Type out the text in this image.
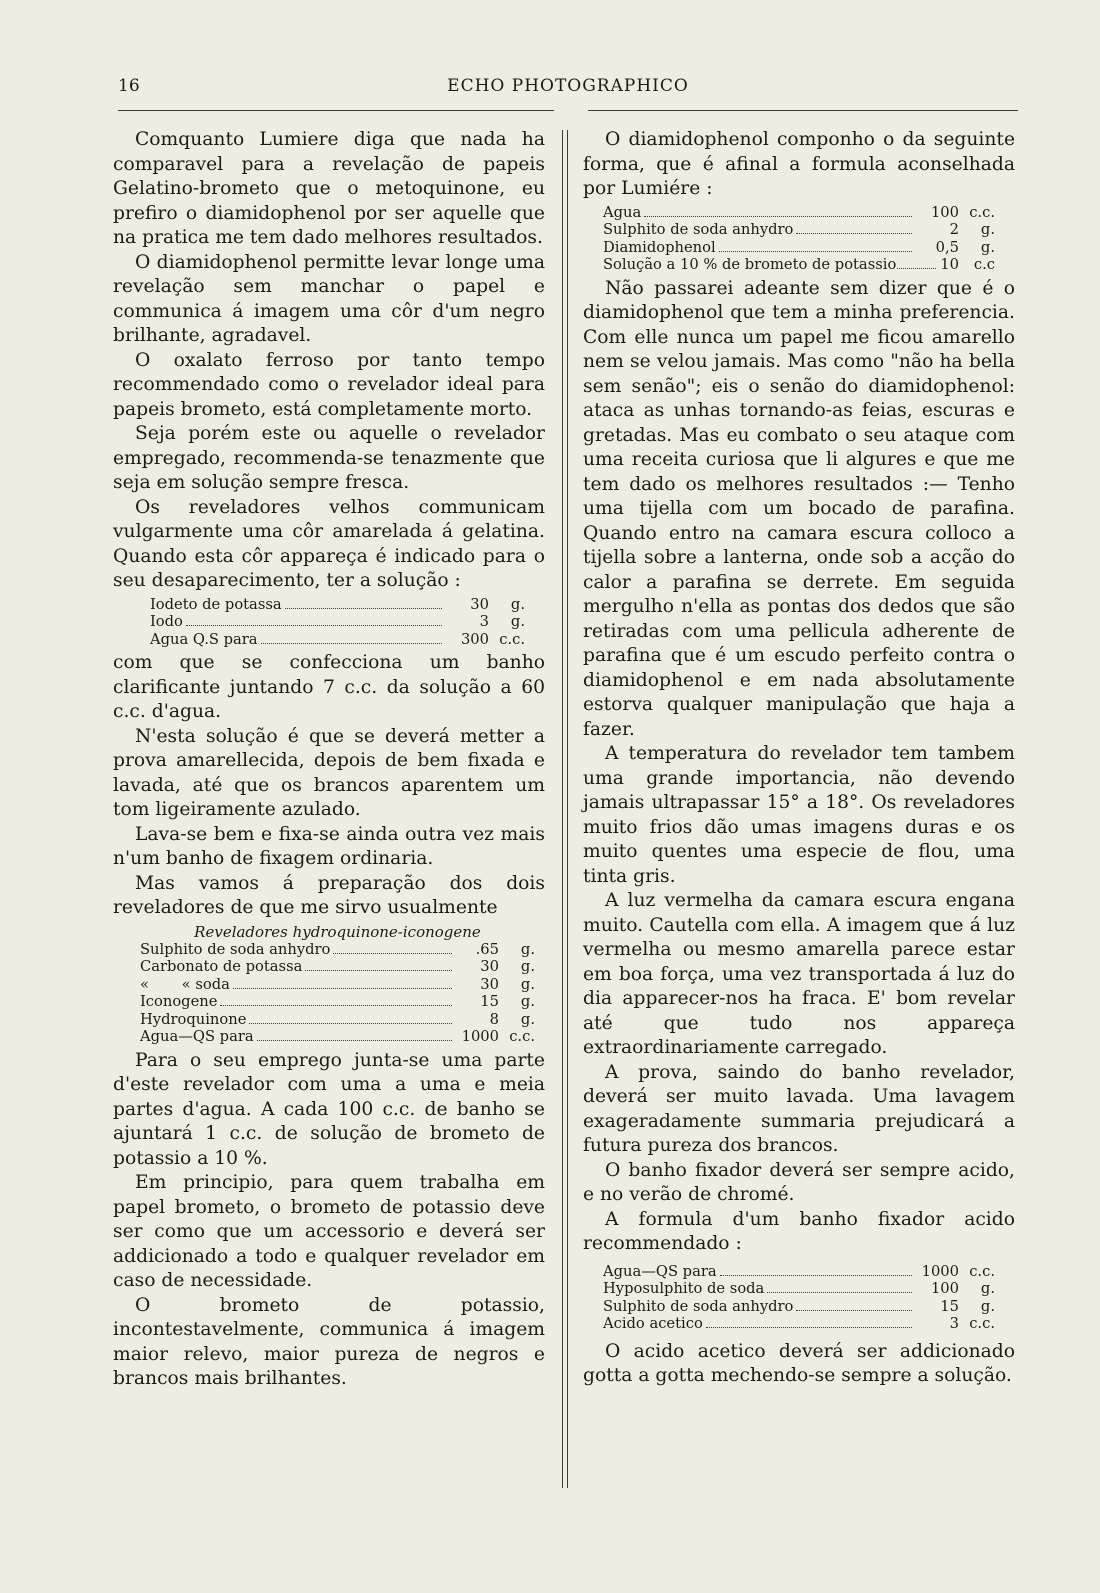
16	ECHO PHOTOGRAPHICO

Comquanto Lumiere diga que nada ha comparavel para a revelação de papeis Gelatino-brometo que o metoquinone, eu prefiro o diamidophenol por ser aquelle que na pratica me tem dado melhores resultados.

O diamidophenol permitte levar longe uma revelação sem manchar o papel e communica á imagem uma côr d'um negro brilhante, agradavel.

O oxalato ferroso por tanto tempo recommendado como o revelador ideal para papeis brometo, está completamente morto.

Seja porém este ou aquelle o revelador empregado, recommenda-se tenazmente que seja em solução sempre fresca.

Os reveladores velhos communicam vulgarmente uma côr amarelada á gelatina. Quando esta côr appareça é indicado para o seu desaparecimento, ter a solução :

Iodeto de potassa	30	g.
Iodo	3	g.
Agua Q.S para	300 c.c.

com que se confecciona um banho clarificante juntando 7 c.c. da solução a 60 c.c. d'agua.

N'esta solução é que se deverá metter a prova amarellecida, depois de bem fixada e lavada, até que os brancos aparentem um tom ligeiramente azulado.

Lava-se bem e fixa-se ainda outra vez mais n'um banho de fixagem ordinaria.

Mas vamos á preparação dos dois reveladores de que me sirvo usualmente

Reveladores hydroquinone-iconogene
Sulphito de soda anhydro	.65	g.
Carbonato de potassa	30	g.
«       « soda	30	g.
Iconogene	15	g.
Hydroquinone	8	g.
Agua—QS para	1000 c.c.

Para o seu emprego junta-se uma parte d'este revelador com uma a uma e meia partes d'agua. A cada 100 c.c. de banho se ajuntará 1 c.c. de solução de brometo de potassio a 10 %.

Em principio, para quem trabalha em papel brometo, o brometo de potassio deve ser como que um accessorio e deverá ser addicionado a todo e qualquer revelador em caso de necessidade.

O brometo de potassio, incontestavelmente, communica á imagem maior relevo, maior pureza de negros e brancos mais brilhantes.

O diamidophenol componho o da seguinte forma, que é afinal a formula aconselhada por Lumiére :

Agua	100 c.c.
Sulphito de soda anhydro	2	g.
Diamidophenol	0,5	g.
Solução a 10 % de brometo de potassio	10	c.c

Não passarei adeante sem dizer que é o diamidophenol que tem a minha preferencia. Com elle nunca um papel me ficou amarello nem se velou jamais. Mas como "não ha bella sem senão"; eis o senão do diamidophenol: ataca as unhas tornando-as feias, escuras e gretadas. Mas eu combato o seu ataque com uma receita curiosa que li algures e que me tem dado os melhores resultados :— Tenho uma tijella com um bocado de parafina. Quando entro na camara escura colloco a tijella sobre a lanterna, onde sob a acção do calor a parafina se derrete. Em seguida mergulho n'ella as pontas dos dedos que são retiradas com uma pellicula adherente de parafina que é um escudo perfeito contra o diamidophenol e em nada absolutamente estorva qualquer manipulação que haja a fazer.

A temperatura do revelador tem tambem uma grande importancia, não devendo jamais ultrapassar 15° a 18°. Os reveladores muito frios dão umas imagens duras e os muito quentes uma especie de flou, uma tinta gris.

A luz vermelha da camara escura engana muito. Cautella com ella. A imagem que á luz vermelha ou mesmo amarella parece estar em boa força, uma vez transportada á luz do dia apparecer-nos ha fraca. E' bom revelar até que tudo nos appareça extraordinariamente carregado.

A prova, saindo do banho revelador, deverá ser muito lavada. Uma lavagem exageradamente summaria prejudicará a futura pureza dos brancos.

O banho fixador deverá ser sempre acido, e no verão de chromé.

A formula d'um banho fixador acido recommendado :

Agua—QS para	1000 c.c.
Hyposulphito de soda	100	g.
Sulphito de soda anhydro	15	g.
Acido acetico	3 c.c.

O acido acetico deverá ser addicionado gotta a gotta mechendo-se sempre a solução.
